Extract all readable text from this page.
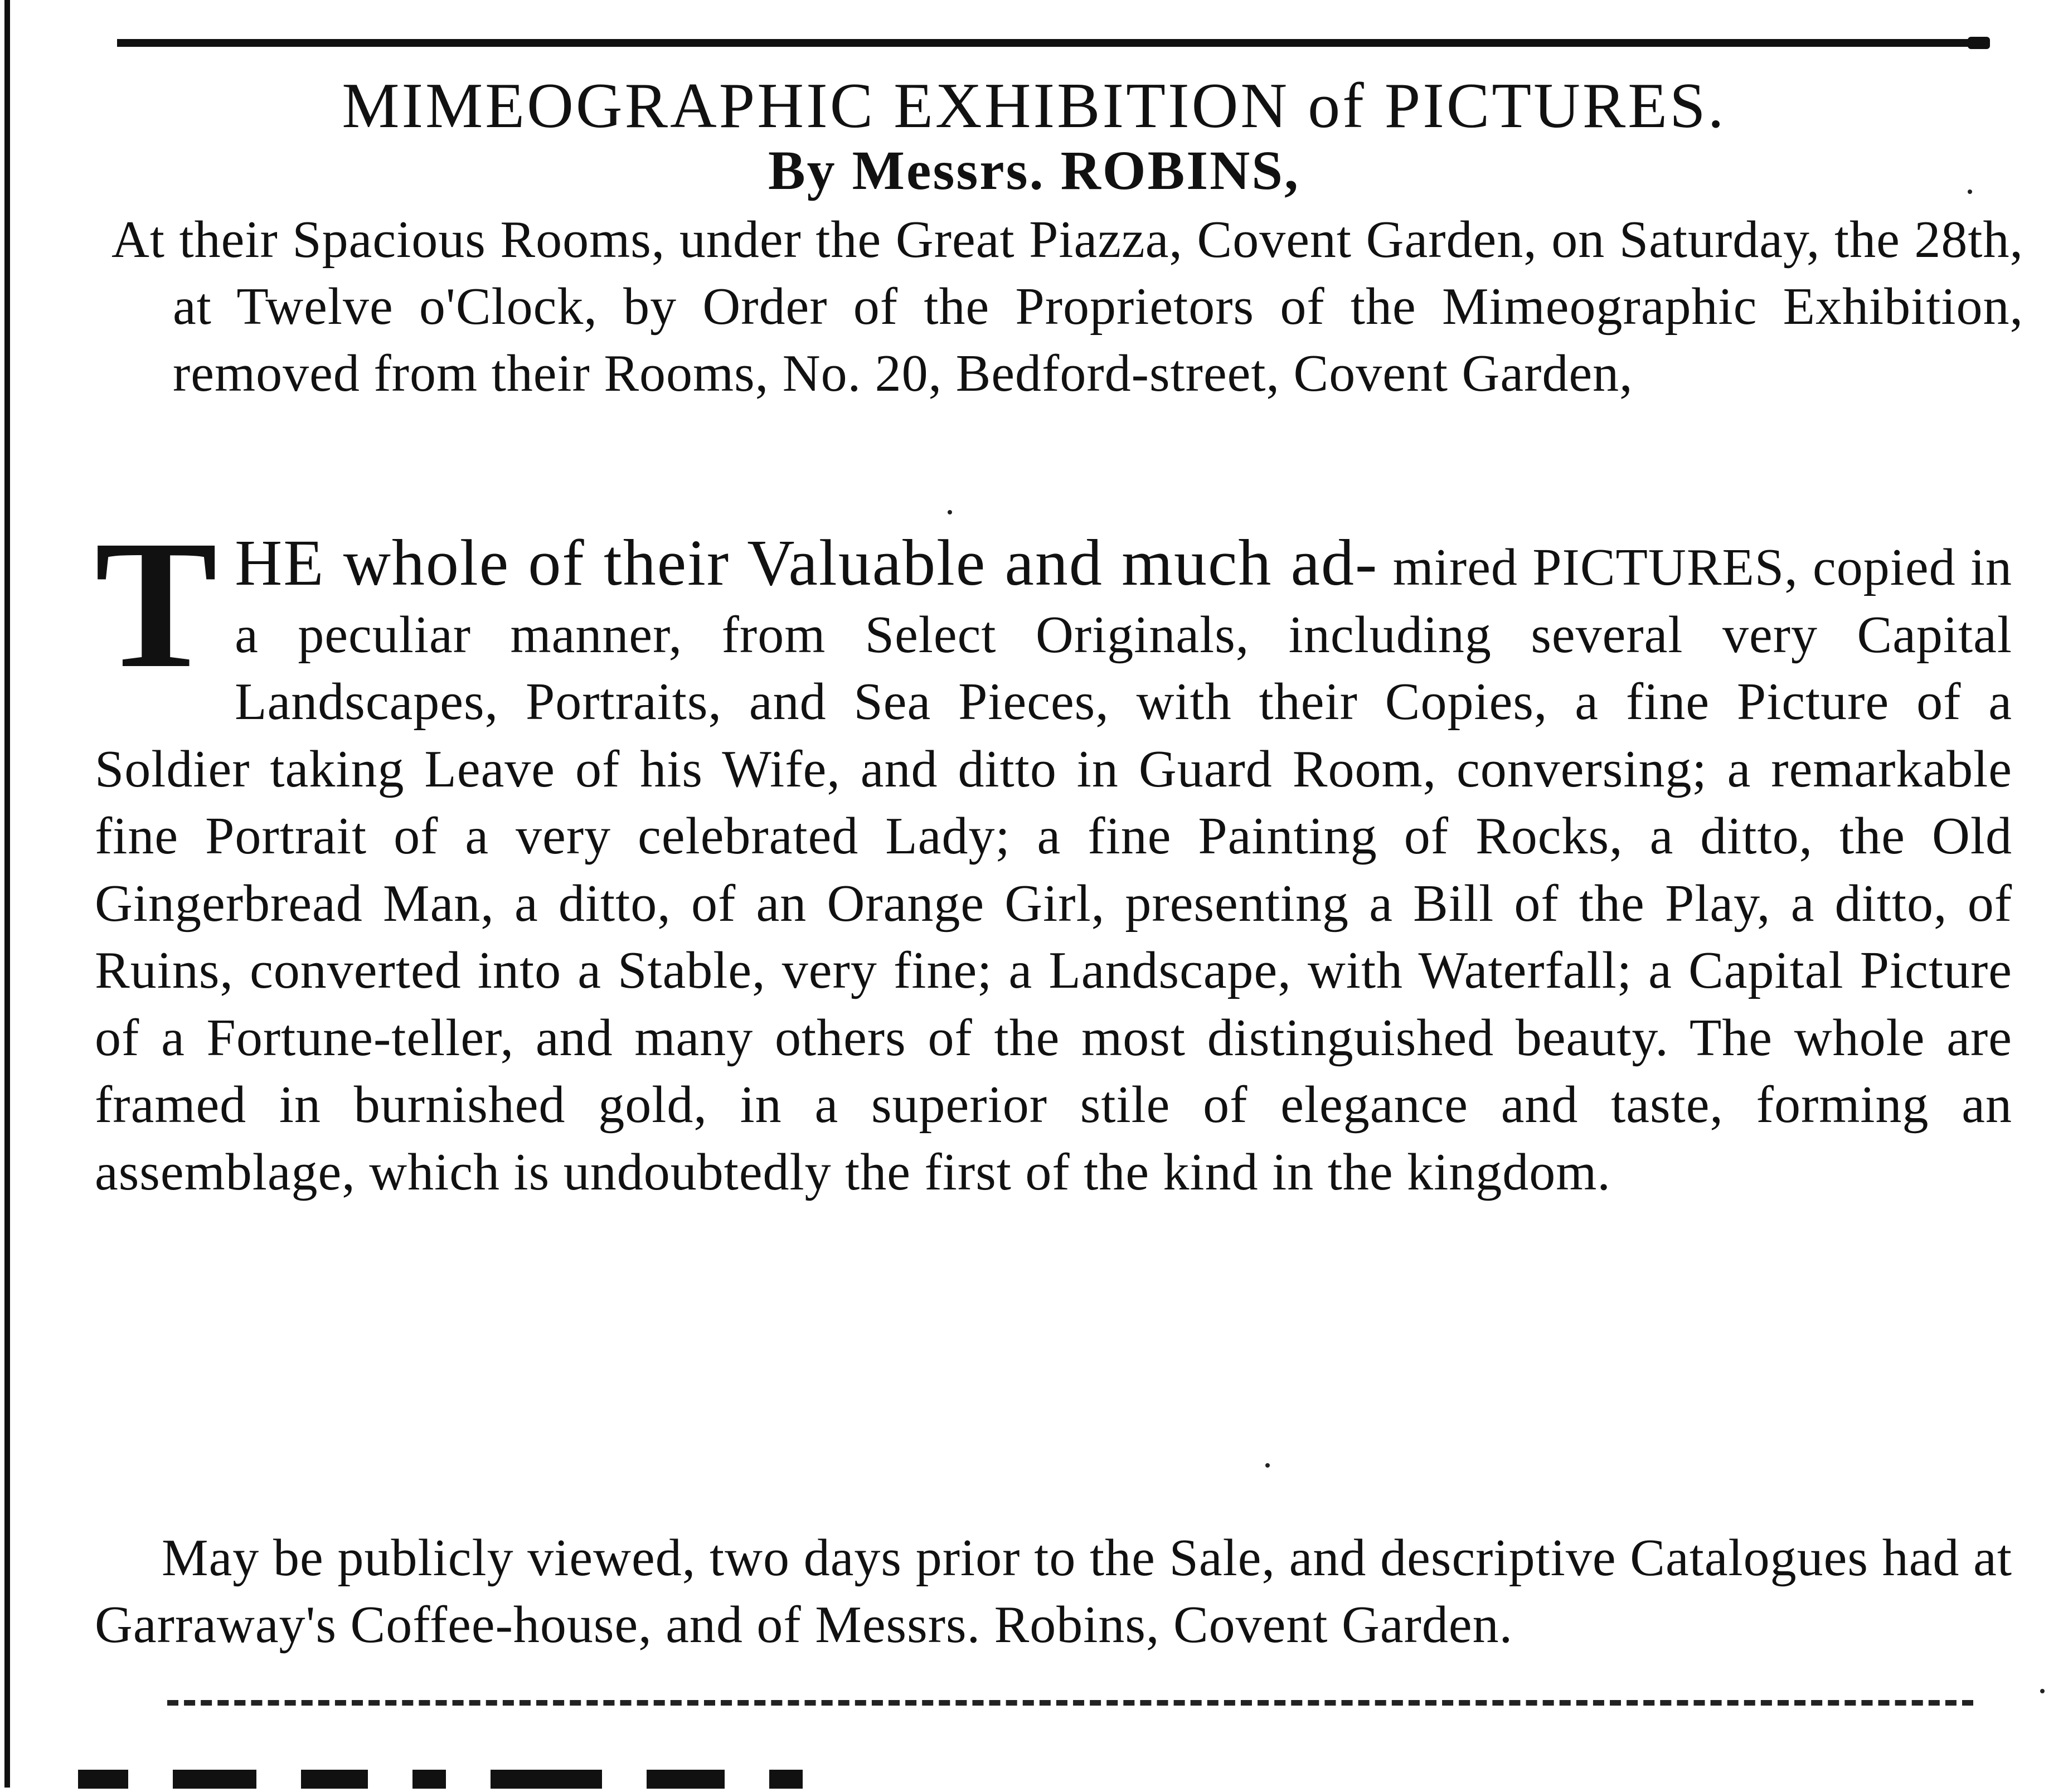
MIMEOGRAPHIC EXHIBITION of PICTURES.
By Messrs. ROBINS,

At their Spacious Rooms, under the Great Piazza, Covent Garden, on Saturday, the 28th, at Twelve o'Clock, by Order of the Proprietors of the Mimeographic Exhibition, removed from their Rooms, No. 20, Bedford-street, Covent Garden,

THE whole of their Valuable and much ad- mired PICTURES, copied in a peculiar manner, from Select Originals, including several very Capital Landscapes, Portraits, and Sea Pieces, with their Copies, a fine Picture of a Soldier taking Leave of his Wife, and ditto in Guard Room, conversing; a remarkable fine Portrait of a very celebrated Lady; a fine Painting of Rocks, a ditto, the Old Gingerbread Man, a ditto, of an Orange Girl, presenting a Bill of the Play, a ditto, of Ruins, converted into a Stable, very fine; a Landscape, with Waterfall; a Capital Picture of a Fortune-teller, and many others of the most distinguished beauty. The whole are framed in burnished gold, in a superior stile of elegance and taste, forming an assemblage, which is undoubtedly the first of the kind in the kingdom.

May be publicly viewed, two days prior to the Sale, and descriptive Catalogues had at Garraway's Coffee-house, and of Messrs. Robins, Covent Garden.
